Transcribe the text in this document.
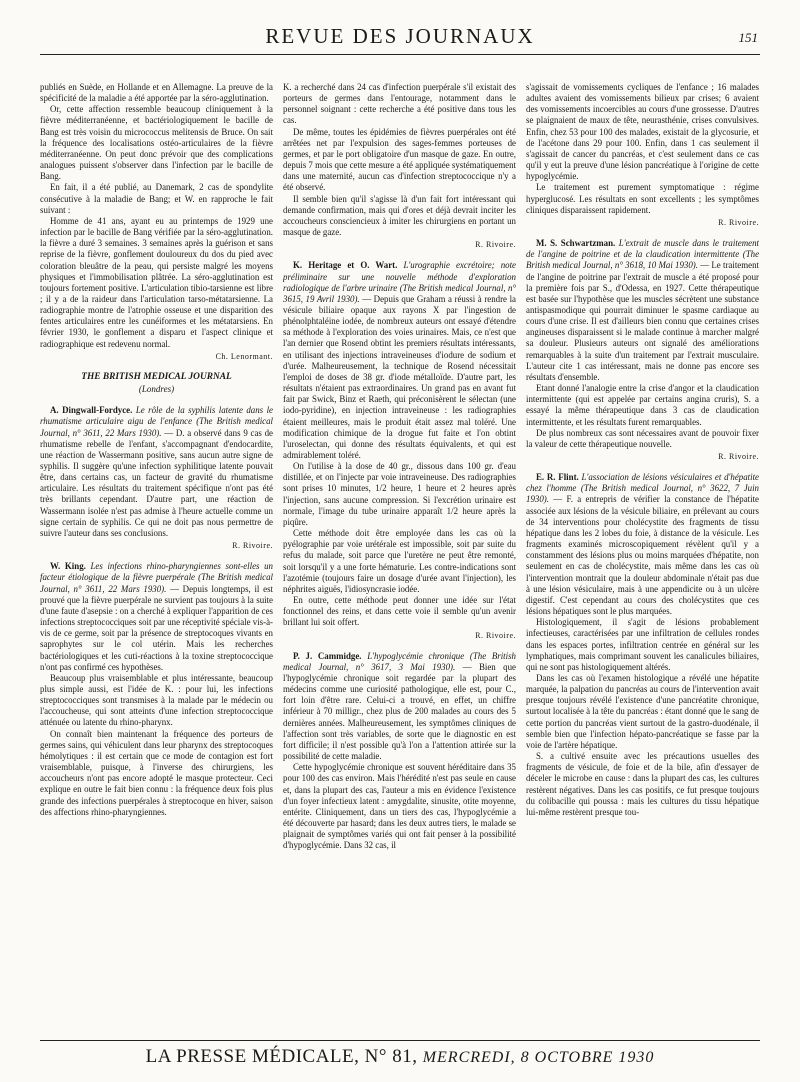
REVUE DES JOURNAUX	151

publiés en Suède, en Hollande et en Allemagne. La preuve de la spécificité de la maladie a été apportée par la séro-agglutination.

Or, cette affection ressemble beaucoup cliniquement à la fièvre méditerranéenne, et bactériologiquement le bacille de Bang est très voisin du micrococcus melitensis de Bruce. On sait la fréquence des localisations ostéo-articulaires de la fièvre méditerranéenne. On peut donc prévoir que des complications analogues puissent s'observer dans l'infection par le bacille de Bang.

En fait, il a été publié, au Danemark, 2 cas de spondylite consécutive à la maladie de Bang; et W. en rapproche le fait suivant :

Homme de 41 ans, ayant eu au printemps de 1929 une infection par le bacille de Bang vérifiée par la séro-agglutination. la fièvre a duré 3 semaines. 3 semaines après la guérison et sans reprise de la fièvre, gonflement douloureux du dos du pied avec coloration bleuâtre de la peau, qui persiste malgré les moyens physiques et l'immobilisation plâtrée. La séro-agglutination est toujours fortement positive. L'articulation tibio-tarsienne est libre ; il y a de la raideur dans l'articulation tarso-métatarsienne. La radiographie montre de l'atrophie osseuse et une disparition des fentes articulaires entre les cunéiformes et les métatarsiens. En février 1930, le gonflement a disparu et l'aspect clinique et radiographique est redevenu normal.

Ch. Lenormant.

THE BRITISH MEDICAL JOURNAL
(Londres)

A. Dingwall-Fordyce. Le rôle de la syphilis latente dans le rhumatisme articulaire aigu de l'enfance (The British medical Journal, n° 3611, 22 Mars 1930). — D. a observé dans 9 cas de rhumatisme rebelle de l'enfant, s'accompagnant d'endocardite, une réaction de Wassermann positive, sans aucun autre signe de syphilis. Il suggère qu'une infection syphilitique latente pouvait être, dans certains cas, un facteur de gravité du rhumatisme articulaire. Les résultats du traitement spécifique n'ont pas été très brillants cependant. D'autre part, une réaction de Wassermann isolée n'est pas admise à l'heure actuelle comme un signe certain de syphilis. Ce qui ne doit pas nous permettre de suivre l'auteur dans ses conclusions.

R. Rivoire.

W. King. Les infections rhino-pharyngiennes sont-elles un facteur étiologique de la fièvre puerpérale (The British medical Journal, n° 3611, 22 Mars 1930). — Depuis longtemps, il est prouvé que la fièvre puerpérale ne survient pas toujours à la suite d'une faute d'asepsie : on a cherché à expliquer l'apparition de ces infections streptococciques soit par une réceptivité spéciale vis-à-vis de ce germe, soit par la présence de streptocoques vivants en saprophytes sur le col utérin. Mais les recherches bactériologiques et les cuti-réactions à la toxine streptococcique n'ont pas confirmé ces hypothèses.

Beaucoup plus vraisemblable et plus intéressante, beaucoup plus simple aussi, est l'idée de K. : pour lui, les infections streptococciques sont transmises à la malade par le médecin ou l'accoucheuse, qui sont atteints d'une infection streptococcique atténuée ou latente du rhino-pharynx.

On connaît bien maintenant la fréquence des porteurs de germes sains, qui véhiculent dans leur pharynx des streptocoques hémolytiques : il est certain que ce mode de contagion est fort vraisemblable, puisque, à l'inverse des chirurgiens, les accoucheurs n'ont pas encore adopté le masque protecteur. Ceci explique en outre le fait bien connu : la fréquence deux fois plus grande des infections puerpérales à streptocoque en hiver, saison des affections rhino-pharyngiennes.

K. a recherché dans 24 cas d'infection puerpérale s'il existait des porteurs de germes dans l'entourage, notamment dans le personnel soignant : cette recherche a été positive dans tous les cas.

De même, toutes les épidémies de fièvres puerpérales ont été arrêtées net par l'expulsion des sages-femmes porteuses de germes, et par le port obligatoire d'un masque de gaze. En outre, depuis 7 mois que cette mesure a été appliquée systématiquement dans une maternité, aucun cas d'infection streptococcique n'y a été observé.

Il semble bien qu'il s'agisse là d'un fait fort intéressant qui demande confirmation, mais qui d'ores et déjà devrait inciter les accoucheurs consciencieux à imiter les chirurgiens en portant un masque de gaze.

R. Rivoire.

K. Heritage et O. Wart. L'urographie excrétoire; note préliminaire sur une nouvelle méthode d'exploration radiologique de l'arbre urinaire (The British medical Journal, n° 3615, 19 Avril 1930). — Depuis que Graham a réussi à rendre la vésicule biliaire opaque aux rayons X par l'ingestion de phénolphtaléine iodée, de nombreux auteurs ont essayé d'étendre sa méthode à l'exploration des voies urinaires. Mais, ce n'est que l'an dernier que Rosend obtint les premiers résultats intéressants, en utilisant des injections intraveineuses d'iodure de sodium et d'urée. Malheureusement, la technique de Rosend nécessitait l'emploi de doses de 38 gr. d'iode métalloïde. D'autre part, les résultats n'étaient pas extraordinaires. Un grand pas en avant fut fait par Swick, Binz et Raeth, qui préconisèrent le sélectan (une iodo-pyridine), en injection intraveineuse : les radiographies étaient meilleures, mais le produit était assez mal toléré. Une modification chimique de la drogue fut faite et l'on obtint l'uroselectan, qui donne des résultats équivalents, et qui est admirablement toléré.

On l'utilise à la dose de 40 gr., dissous dans 100 gr. d'eau distillée, et on l'injecte par voie intraveineuse. Des radiographies sont prises 10 minutes, 1/2 heure, 1 heure et 2 heures après l'injection, sans aucune compression. Si l'excrétion urinaire est normale, l'image du tube urinaire apparaît 1/2 heure après la piqûre.

Cette méthode doit être employée dans les cas où la pyélographie par voie urétérale est impossible, soit par suite du refus du malade, soit parce que l'uretère ne peut être remonté, soit lorsqu'il y a une forte hématurie. Les contre-indications sont l'azotémie (toujours faire un dosage d'urée avant l'injection), les néphrites aiguës, l'idiosyncrasie iodée.

En outre, cette méthode peut donner une idée sur l'état fonctionnel des reins, et dans cette voie il semble qu'un avenir brillant lui soit offert.

R. Rivoire.

P. J. Cammidge. L'hypoglycémie chronique (The British medical Journal, n° 3617, 3 Mai 1930). — Bien que l'hypoglycémie chronique soit regardée par la plupart des médecins comme une curiosité pathologique, elle est, pour C., fort loin d'être rare. Celui-ci a trouvé, en effet, un chiffre inférieur à 70 milligr., chez plus de 200 malades au cours des 5 dernières années. Malheureusement, les symptômes cliniques de l'affection sont très variables, de sorte que le diagnostic en est fort difficile; il n'est possible qu'à l'on a l'attention attirée sur la possibilité de cette maladie.

Cette hypoglycémie chronique est souvent héréditaire dans 35 pour 100 des cas environ. Mais l'hérédité n'est pas seule en cause et, dans la plupart des cas, l'auteur a mis en évidence l'existence d'un foyer infectieux latent : amygdalite, sinusite, otite moyenne, entérite. Cliniquement, dans un tiers des cas, l'hypoglycémie a été découverte par hasard; dans les deux autres tiers, le malade se plaignait de symptômes variés qui ont fait penser à la possibilité d'hypoglycémie. Dans 32 cas, il

s'agissait de vomissements cycliques de l'enfance ; 16 malades adultes avaient des vomissements bilieux par crises; 6 avaient des vomissements incoercibles au cours d'une grossesse. D'autres se plaignaient de maux de tête, neurasthénie, crises convulsives. Enfin, chez 53 pour 100 des malades, existait de la glycosurie, et de l'acétone dans 29 pour 100. Enfin, dans 1 cas seulement il s'agissait de cancer du pancréas, et c'est seulement dans ce cas qu'il y eut la preuve d'une lésion pancréatique à l'origine de cette hypoglycémie.

Le traitement est purement symptomatique : régime hyperglucosé. Les résultats en sont excellents ; les symptômes cliniques disparaissent rapidement.

R. Rivoire.

M. S. Schwartzman. L'extrait de muscle dans le traitement de l'angine de poitrine et de la claudication intermittente (The British medical Journal, n° 3618, 10 Mai 1930). — Le traitement de l'angine de poitrine par l'extrait de muscle a été proposé pour la première fois par S., d'Odessa, en 1927. Cette thérapeutique est basée sur l'hypothèse que les muscles sécrètent une substance antispasmodique qui pourrait diminuer le spasme cardiaque au cours d'une crise. Il est d'ailleurs bien connu que certaines crises angineuses disparaissent si le malade continue à marcher malgré sa douleur. Plusieurs auteurs ont signalé des améliorations remarquables à la suite d'un traitement par l'extrait musculaire. L'auteur cite 1 cas intéressant, mais ne donne pas encore ses résultats d'ensemble.

Etant donné l'analogie entre la crise d'angor et la claudication intermittente (qui est appelée par certains angina cruris), S. a essayé la même thérapeutique dans 3 cas de claudication intermittente, et les résultats furent remarquables.

De plus nombreux cas sont nécessaires avant de pouvoir fixer la valeur de cette thérapeutique nouvelle.

R. Rivoire.

E. R. Flint. L'association de lésions vésiculaires et d'hépatite chez l'homme (The British medical Journal, n° 3622, 7 Juin 1930). — F. a entrepris de vérifier la constance de l'hépatite associée aux lésions de la vésicule biliaire, en prélevant au cours de 34 interventions pour cholécystite des fragments de tissu hépatique dans les 2 lobes du foie, à distance de la vésicule. Les fragments examinés microscopiquement révèlent qu'il y a constamment des lésions plus ou moins marquées d'hépatite, non seulement en cas de cholécystite, mais même dans les cas où l'intervention montrait que la douleur abdominale n'était pas due à une lésion vésiculaire, mais à une appendicite ou à un ulcère digestif. C'est cependant au cours des cholécystites que ces lésions hépatiques sont le plus marquées.

Histologiquement, il s'agit de lésions probablement infectieuses, caractérisées par une infiltration de cellules rondes dans les espaces portes, infiltration centrée en général sur les lymphatiques, mais comprimant souvent les canalicules biliaires, qui ne sont pas histologiquement altérés.

Dans les cas où l'examen histologique a révélé une hépatite marquée, la palpation du pancréas au cours de l'intervention avait presque toujours révélé l'existence d'une pancréatite chronique, surtout localisée à la tête du pancréas : étant donné que le sang de cette portion du pancréas vient surtout de la gastro-duodénale, il semble bien que l'infection hépato-pancréatique se fasse par la voie de l'artère hépatique.

S. a cultivé ensuite avec les précautions usuelles des fragments de vésicule, de foie et de la bile, afin d'essayer de déceler le microbe en cause : dans la plupart des cas, les cultures restèrent négatives. Dans les cas positifs, ce fut presque toujours du colibacille qui poussa : mais les cultures du tissu hépatique lui-même restèrent presque tou-

LA PRESSE MÉDICALE, N° 81, MERCREDI, 8 OCTOBRE 1930
